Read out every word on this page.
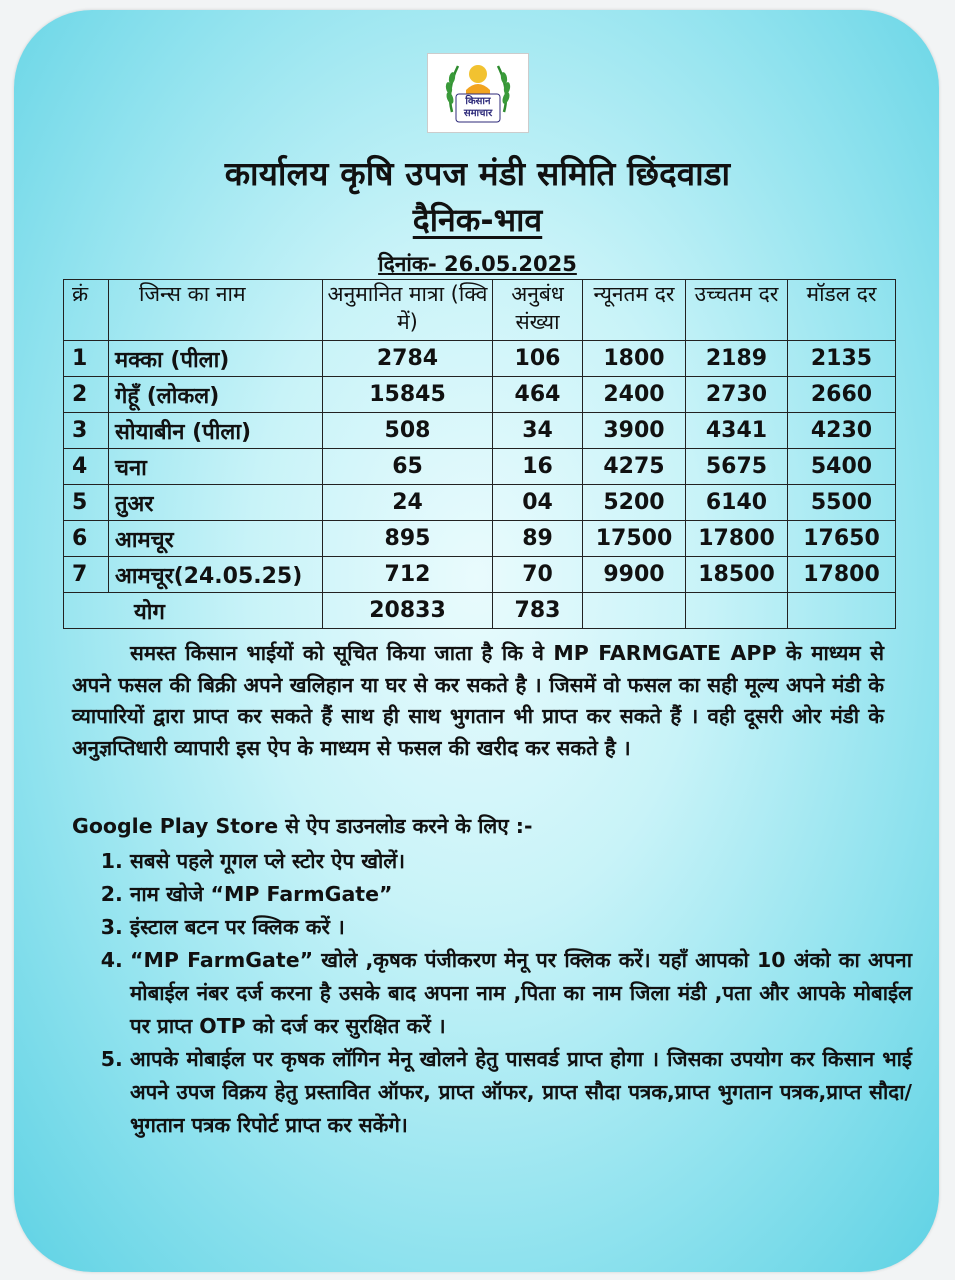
किसान समाचार
कार्यालय कृषि उपज मंडी समिति छिंदवाडा
दैनिक-भाव
दिनांक- 26.05.2025
क्रं	जिन्स का नाम	अनुमानित मात्रा (क्वि में)	अनुबंध संख्या	न्यूनतम दर	उच्चतम दर	मॉडल दर
1	मक्का (पीला)	2784	106	1800	2189	2135
2	गेहूँ (लोकल)	15845	464	2400	2730	2660
3	सोयाबीन (पीला)	508	34	3900	4341	4230
4	चना	65	16	4275	5675	5400
5	तुअर	24	04	5200	6140	5500
6	आमचूर	895	89	17500	17800	17650
7	आमचूर(24.05.25)	712	70	9900	18500	17800
योग		20833	783			
समस्त किसान भाईयों को सूचित किया जाता है कि वे MP FARMGATE APP के माध्यम से अपने फसल की बिक्री अपने खलिहान या घर से कर सकते है । जिसमें वो फसल का सही मूल्य अपने मंडी के व्यापारियों द्वारा प्राप्त कर सकते हैं साथ ही साथ भुगतान भी प्राप्त कर सकते हैं । वही दूसरी ओर मंडी के अनुज्ञप्तिधारी व्यापारी इस ऐप के माध्यम से फसल की खरीद कर सकते है ।
Google Play Store से ऐप डाउनलोड करने के लिए :-
1. सबसे पहले गूगल प्ले स्टोर ऐप खोलें।
2. नाम खोजे “MP FarmGate”
3. इंस्टाल बटन पर क्लिक करें ।
4. “MP FarmGate” खोले ,कृषक पंजीकरण मेनू पर क्लिक करें। यहाँ आपको 10 अंको का अपना मोबाईल नंबर दर्ज करना है उसके बाद अपना नाम ,पिता का नाम जिला मंडी ,पता और आपके मोबाईल पर प्राप्त OTP को दर्ज कर सुरक्षित करें ।
5. आपके मोबाईल पर कृषक लॉगिन मेनू खोलने हेतु पासवर्ड प्राप्त होगा । जिसका उपयोग कर किसान भाई अपने उपज विक्रय हेतु प्रस्तावित ऑफर, प्राप्त ऑफर, प्राप्त सौदा पत्रक,प्राप्त भुगतान पत्रक,प्राप्त सौदा/भुगतान पत्रक रिपोर्ट प्राप्त कर सकेंगे।
